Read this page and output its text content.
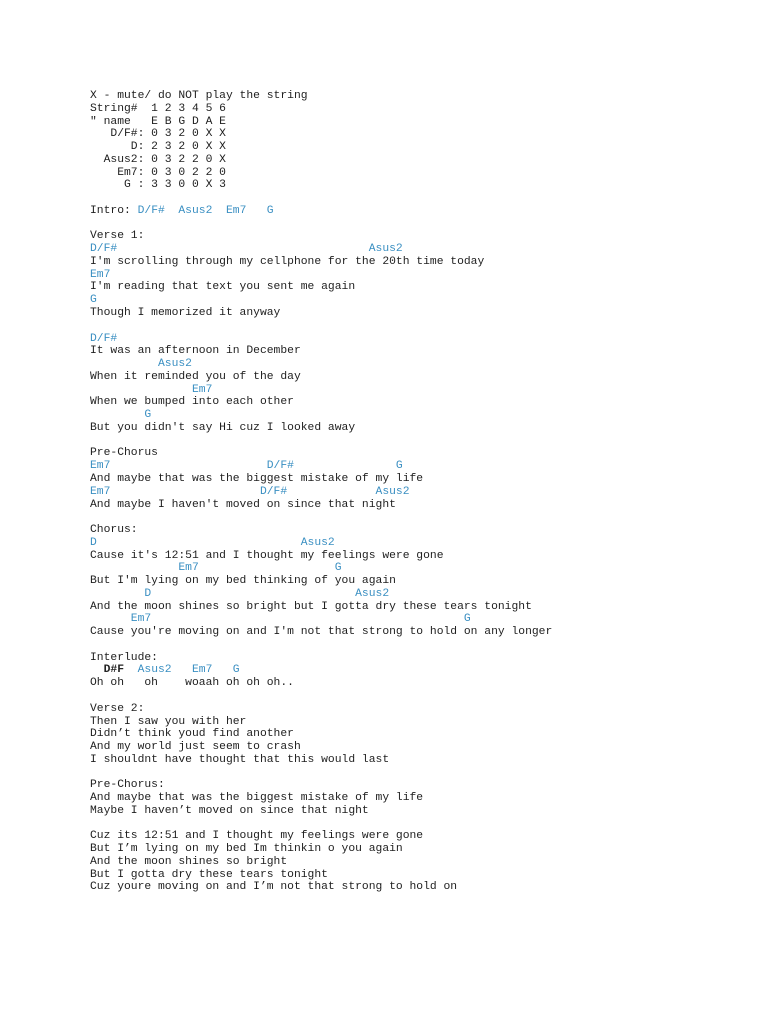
X - mute/ do NOT play the string
String#  1 2 3 4 5 6
" name   E B G D A E
D/F#: 0 3 2 0 X X
D: 2 3 2 0 X X
Asus2: 0 3 2 2 0 X
Em7: 0 3 0 2 2 0
G : 3 3 0 0 X 3
Intro: D/F#  Asus2  Em7   G
Verse 1:
D/F#                                     Asus2
I'm scrolling through my cellphone for the 20th time today
Em7
I'm reading that text you sent me again
G
Though I memorized it anyway
D/F#
It was an afternoon in December
Asus2
When it reminded you of the day
Em7
When we bumped into each other
G
But you didn't say Hi cuz I looked away
Pre-Chorus
Em7                       D/F#               G
And maybe that was the biggest mistake of my life
Em7                      D/F#             Asus2
And maybe I haven't moved on since that night
Chorus:
D                              Asus2
Cause it's 12:51 and I thought my feelings were gone
Em7                    G
But I'm lying on my bed thinking of you again
D                              Asus2
And the moon shines so bright but I gotta dry these tears tonight
Em7                                              G
Cause you're moving on and I'm not that strong to hold on any longer
Interlude:
D#F  Asus2   Em7   G
Oh oh   oh    woaah oh oh oh..
Verse 2:
Then I saw you with her
Didn’t think youd find another
And my world just seem to crash
I shouldnt have thought that this would last
Pre-Chorus:
And maybe that was the biggest mistake of my life
Maybe I haven’t moved on since that night
Cuz its 12:51 and I thought my feelings were gone
But I’m lying on my bed Im thinkin o you again
And the moon shines so bright
But I gotta dry these tears tonight
Cuz youre moving on and I’m not that strong to hold on
